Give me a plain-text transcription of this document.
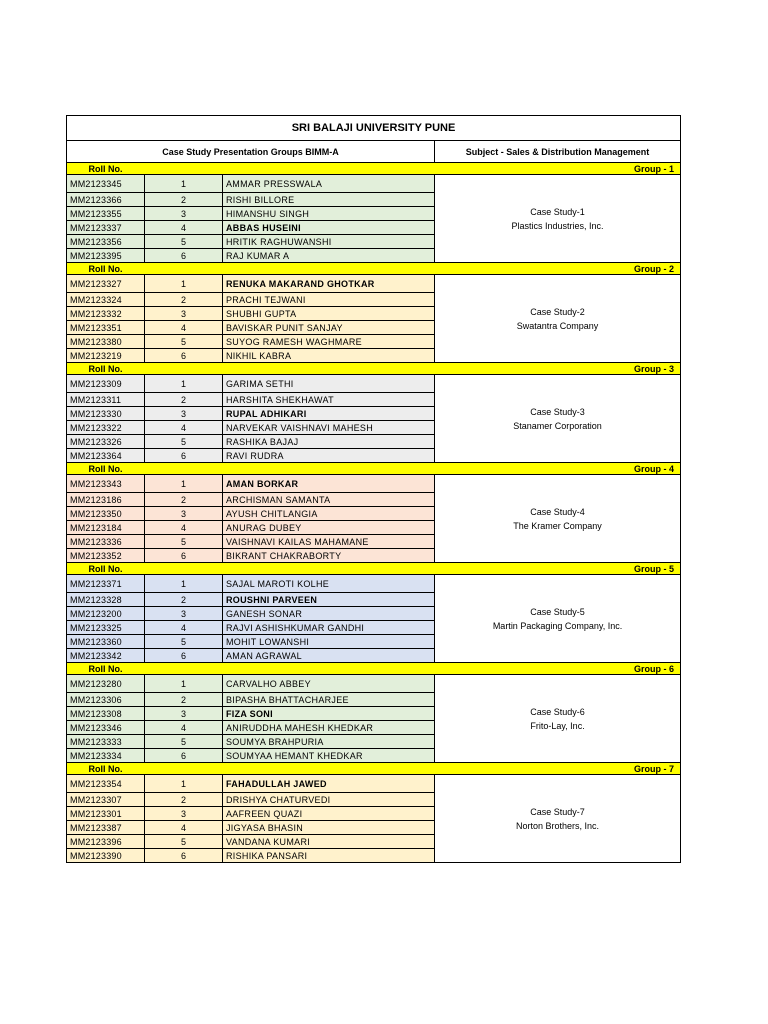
SRI BALAJI UNIVERSITY PUNE			
Case Study Presentation Groups BIMM-A			Subject - Sales & Distribution Management
Roll No.	Group - 1		
MM2123345	1	AMMAR PRESSWALA	Case Study-1
Plastics Industries, Inc.

MM2123366	2	RISHI BILLORE	
MM2123355	3	HIMANSHU SINGH	
MM2123337	4	ABBAS HUSEINI	
MM2123356	5	HRITIK RAGHUWANSHI	
MM2123395	6	RAJ KUMAR A	
Roll No.	Group - 2		
MM2123327	1	RENUKA MAKARAND GHOTKAR	Case Study-2
Swatantra Company

MM2123324	2	PRACHI TEJWANI	
MM2123332	3	SHUBHI GUPTA	
MM2123351	4	BAVISKAR PUNIT SANJAY	
MM2123380	5	SUYOG RAMESH WAGHMARE	
MM2123219	6	NIKHIL KABRA	
Roll No.	Group - 3		
MM2123309	1	GARIMA SETHI	Case Study-3
Stanamer Corporation

MM2123311	2	HARSHITA SHEKHAWAT	
MM2123330	3	RUPAL ADHIKARI	
MM2123322	4	NARVEKAR VAISHNAVI MAHESH	
MM2123326	5	RASHIKA BAJAJ	
MM2123364	6	RAVI RUDRA	
Roll No.	Group - 4		
MM2123343	1	AMAN BORKAR	Case Study-4
The Kramer Company

MM2123186	2	ARCHISMAN SAMANTA	
MM2123350	3	AYUSH CHITLANGIA	
MM2123184	4	ANURAG DUBEY	
MM2123336	5	VAISHNAVI KAILAS MAHAMANE	
MM2123352	6	BIKRANT CHAKRABORTY	
Roll No.	Group - 5		
MM2123371	1	SAJAL MAROTI KOLHE	Case Study-5
Martin Packaging Company, Inc.

MM2123328	2	ROUSHNI PARVEEN	
MM2123200	3	GANESH SONAR	
MM2123325	4	RAJVI ASHISHKUMAR GANDHI	
MM2123360	5	MOHIT LOWANSHI	
MM2123342	6	AMAN AGRAWAL	
Roll No.	Group - 6		
MM2123280	1	CARVALHO ABBEY	Case Study-6
Frito-Lay, Inc.

MM2123306	2	BIPASHA BHATTACHARJEE	
MM2123308	3	FIZA SONI	
MM2123346	4	ANIRUDDHA MAHESH KHEDKAR	
MM2123333	5	SOUMYA BRAHPURIA	
MM2123334	6	SOUMYAA HEMANT KHEDKAR	
Roll No.	Group - 7		
MM2123354	1	FAHADULLAH JAWED	Case Study-7
Norton Brothers, Inc.

MM2123307	2	DRISHYA CHATURVEDI	
MM2123301	3	AAFREEN QUAZI	
MM2123387	4	JIGYASA BHASIN	
MM2123396	5	VANDANA KUMARI	
MM2123390	6	RISHIKA PANSARI	
